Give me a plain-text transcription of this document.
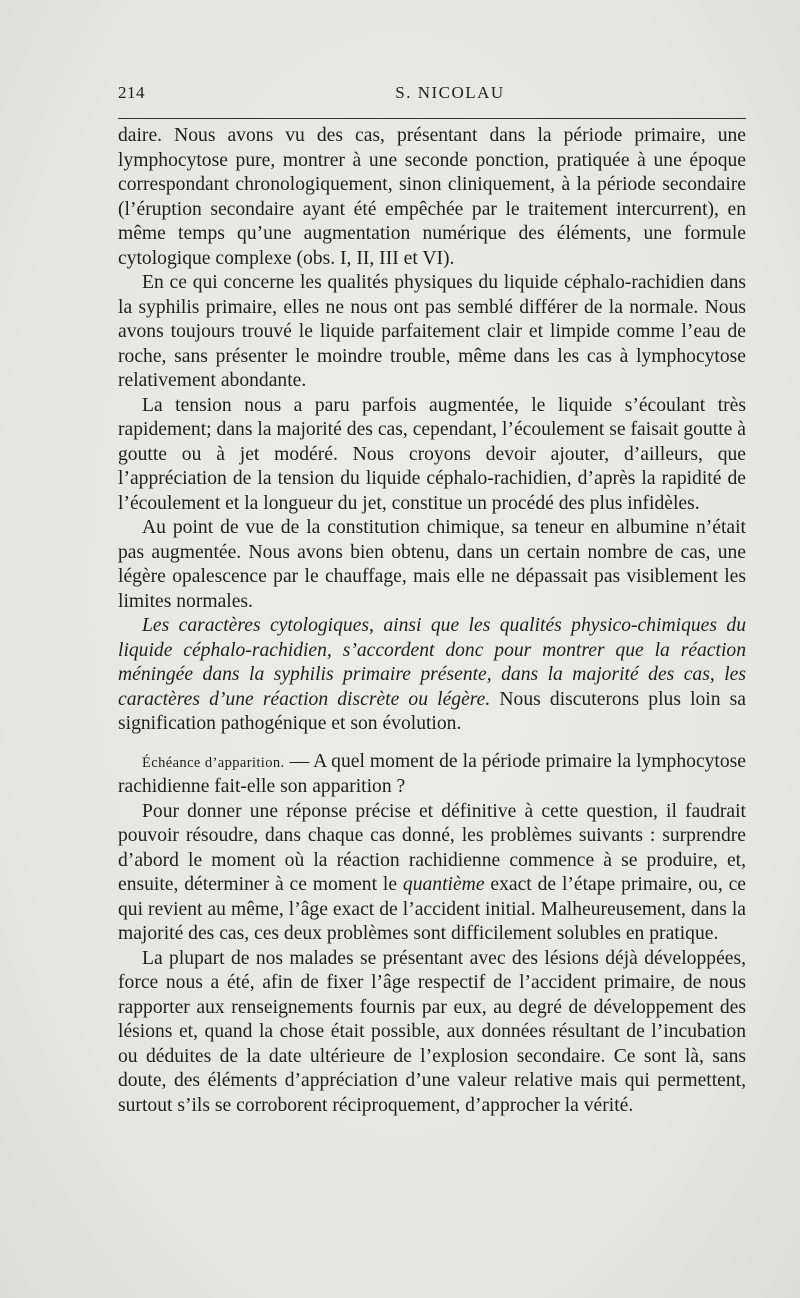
214	S. NICOLAU

daire. Nous avons vu des cas, présentant dans la période primaire, une lymphocytose pure, montrer à une seconde ponction, pratiquée à une époque correspondant chronologiquement, sinon cliniquement, à la période secondaire (l’éruption secondaire ayant été empêchée par le traitement intercurrent), en même temps qu’une augmentation numérique des éléments, une formule cytologique complexe (obs. I, II, III et VI).

En ce qui concerne les qualités physiques du liquide céphalo-rachidien dans la syphilis primaire, elles ne nous ont pas semblé différer de la normale. Nous avons toujours trouvé le liquide parfaitement clair et limpide comme l’eau de roche, sans présenter le moindre trouble, même dans les cas à lymphocytose relativement abondante.

La tension nous a paru parfois augmentée, le liquide s’écoulant très rapidement; dans la majorité des cas, cependant, l’écoulement se faisait goutte à goutte ou à jet modéré. Nous croyons devoir ajouter, d’ailleurs, que l’appréciation de la tension du liquide céphalo-rachidien, d’après la rapidité de l’écoulement et la longueur du jet, constitue un procédé des plus infidèles.

Au point de vue de la constitution chimique, sa teneur en albumine n’était pas augmentée. Nous avons bien obtenu, dans un certain nombre de cas, une légère opalescence par le chauffage, mais elle ne dépassait pas visiblement les limites normales.

Les caractères cytologiques, ainsi que les qualités physico-chimiques du liquide céphalo-rachidien, s’accordent donc pour montrer que la réaction méningée dans la syphilis primaire présente, dans la majorité des cas, les caractères d’une réaction discrète ou légère. Nous discuterons plus loin sa signification pathogénique et son évolution.

Échéance d’apparition. — A quel moment de la période primaire la lymphocytose rachidienne fait-elle son apparition ?

Pour donner une réponse précise et définitive à cette question, il faudrait pouvoir résoudre, dans chaque cas donné, les problèmes suivants : surprendre d’abord le moment où la réaction rachidienne commence à se produire, et, ensuite, déterminer à ce moment le quantième exact de l’étape primaire, ou, ce qui revient au même, l’âge exact de l’accident initial. Malheureusement, dans la majorité des cas, ces deux problèmes sont difficilement solubles en pratique.

La plupart de nos malades se présentant avec des lésions déjà développées, force nous a été, afin de fixer l’âge respectif de l’accident primaire, de nous rapporter aux renseignements fournis par eux, au degré de développement des lésions et, quand la chose était possible, aux données résultant de l’incubation ou déduites de la date ultérieure de l’explosion secondaire. Ce sont là, sans doute, des éléments d’appréciation d’une valeur relative mais qui permettent, surtout s’ils se corroborent réciproquement, d’approcher la vérité.
